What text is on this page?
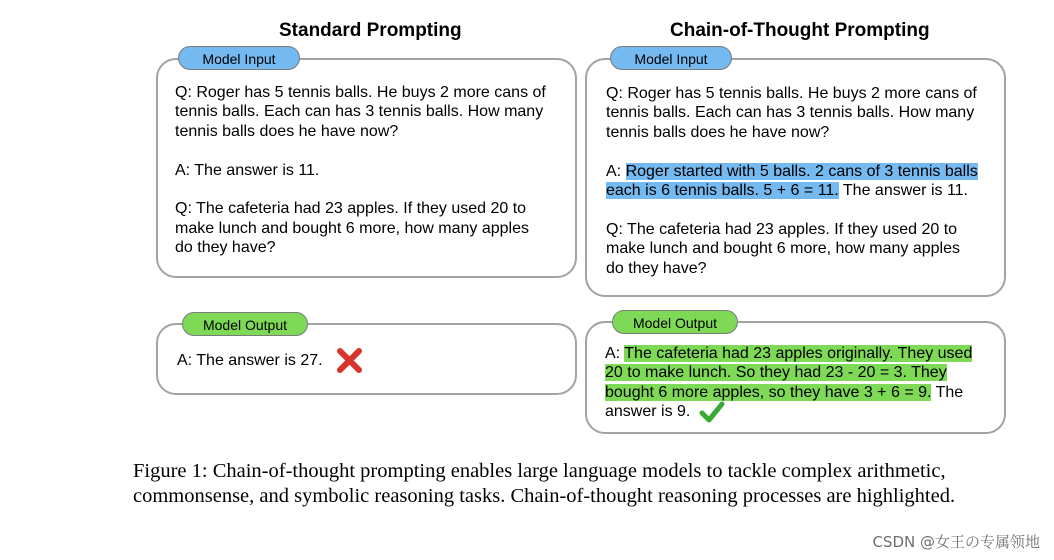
Standard Prompting	Chain-of-Thought Prompting
Model Input
Q: Roger has 5 tennis balls. He buys 2 more cans of
tennis balls. Each can has 3 tennis balls. How many
tennis balls does he have now?
A: The answer is 11.
Q: The cafeteria had 23 apples. If they used 20 to
make lunch and bought 6 more, how many apples
do they have?
Model Output
A: The answer is 27.
Model Input
Q: Roger has 5 tennis balls. He buys 2 more cans of
tennis balls. Each can has 3 tennis balls. How many
tennis balls does he have now?
A: Roger started with 5 balls. 2 cans of 3 tennis balls
each is 6 tennis balls. 5 + 6 = 11. The answer is 11.
Q: The cafeteria had 23 apples. If they used 20 to
make lunch and bought 6 more, how many apples
do they have?
Model Output
A: The cafeteria had 23 apples originally. They used
20 to make lunch. So they had 23 - 20 = 3. They
bought 6 more apples, so they have 3 + 6 = 9. The
answer is 9.
Figure 1: Chain-of-thought prompting enables large language models to tackle complex arithmetic,
commonsense, and symbolic reasoning tasks. Chain-of-thought reasoning processes are highlighted.
CSDN @女王の专属领地
